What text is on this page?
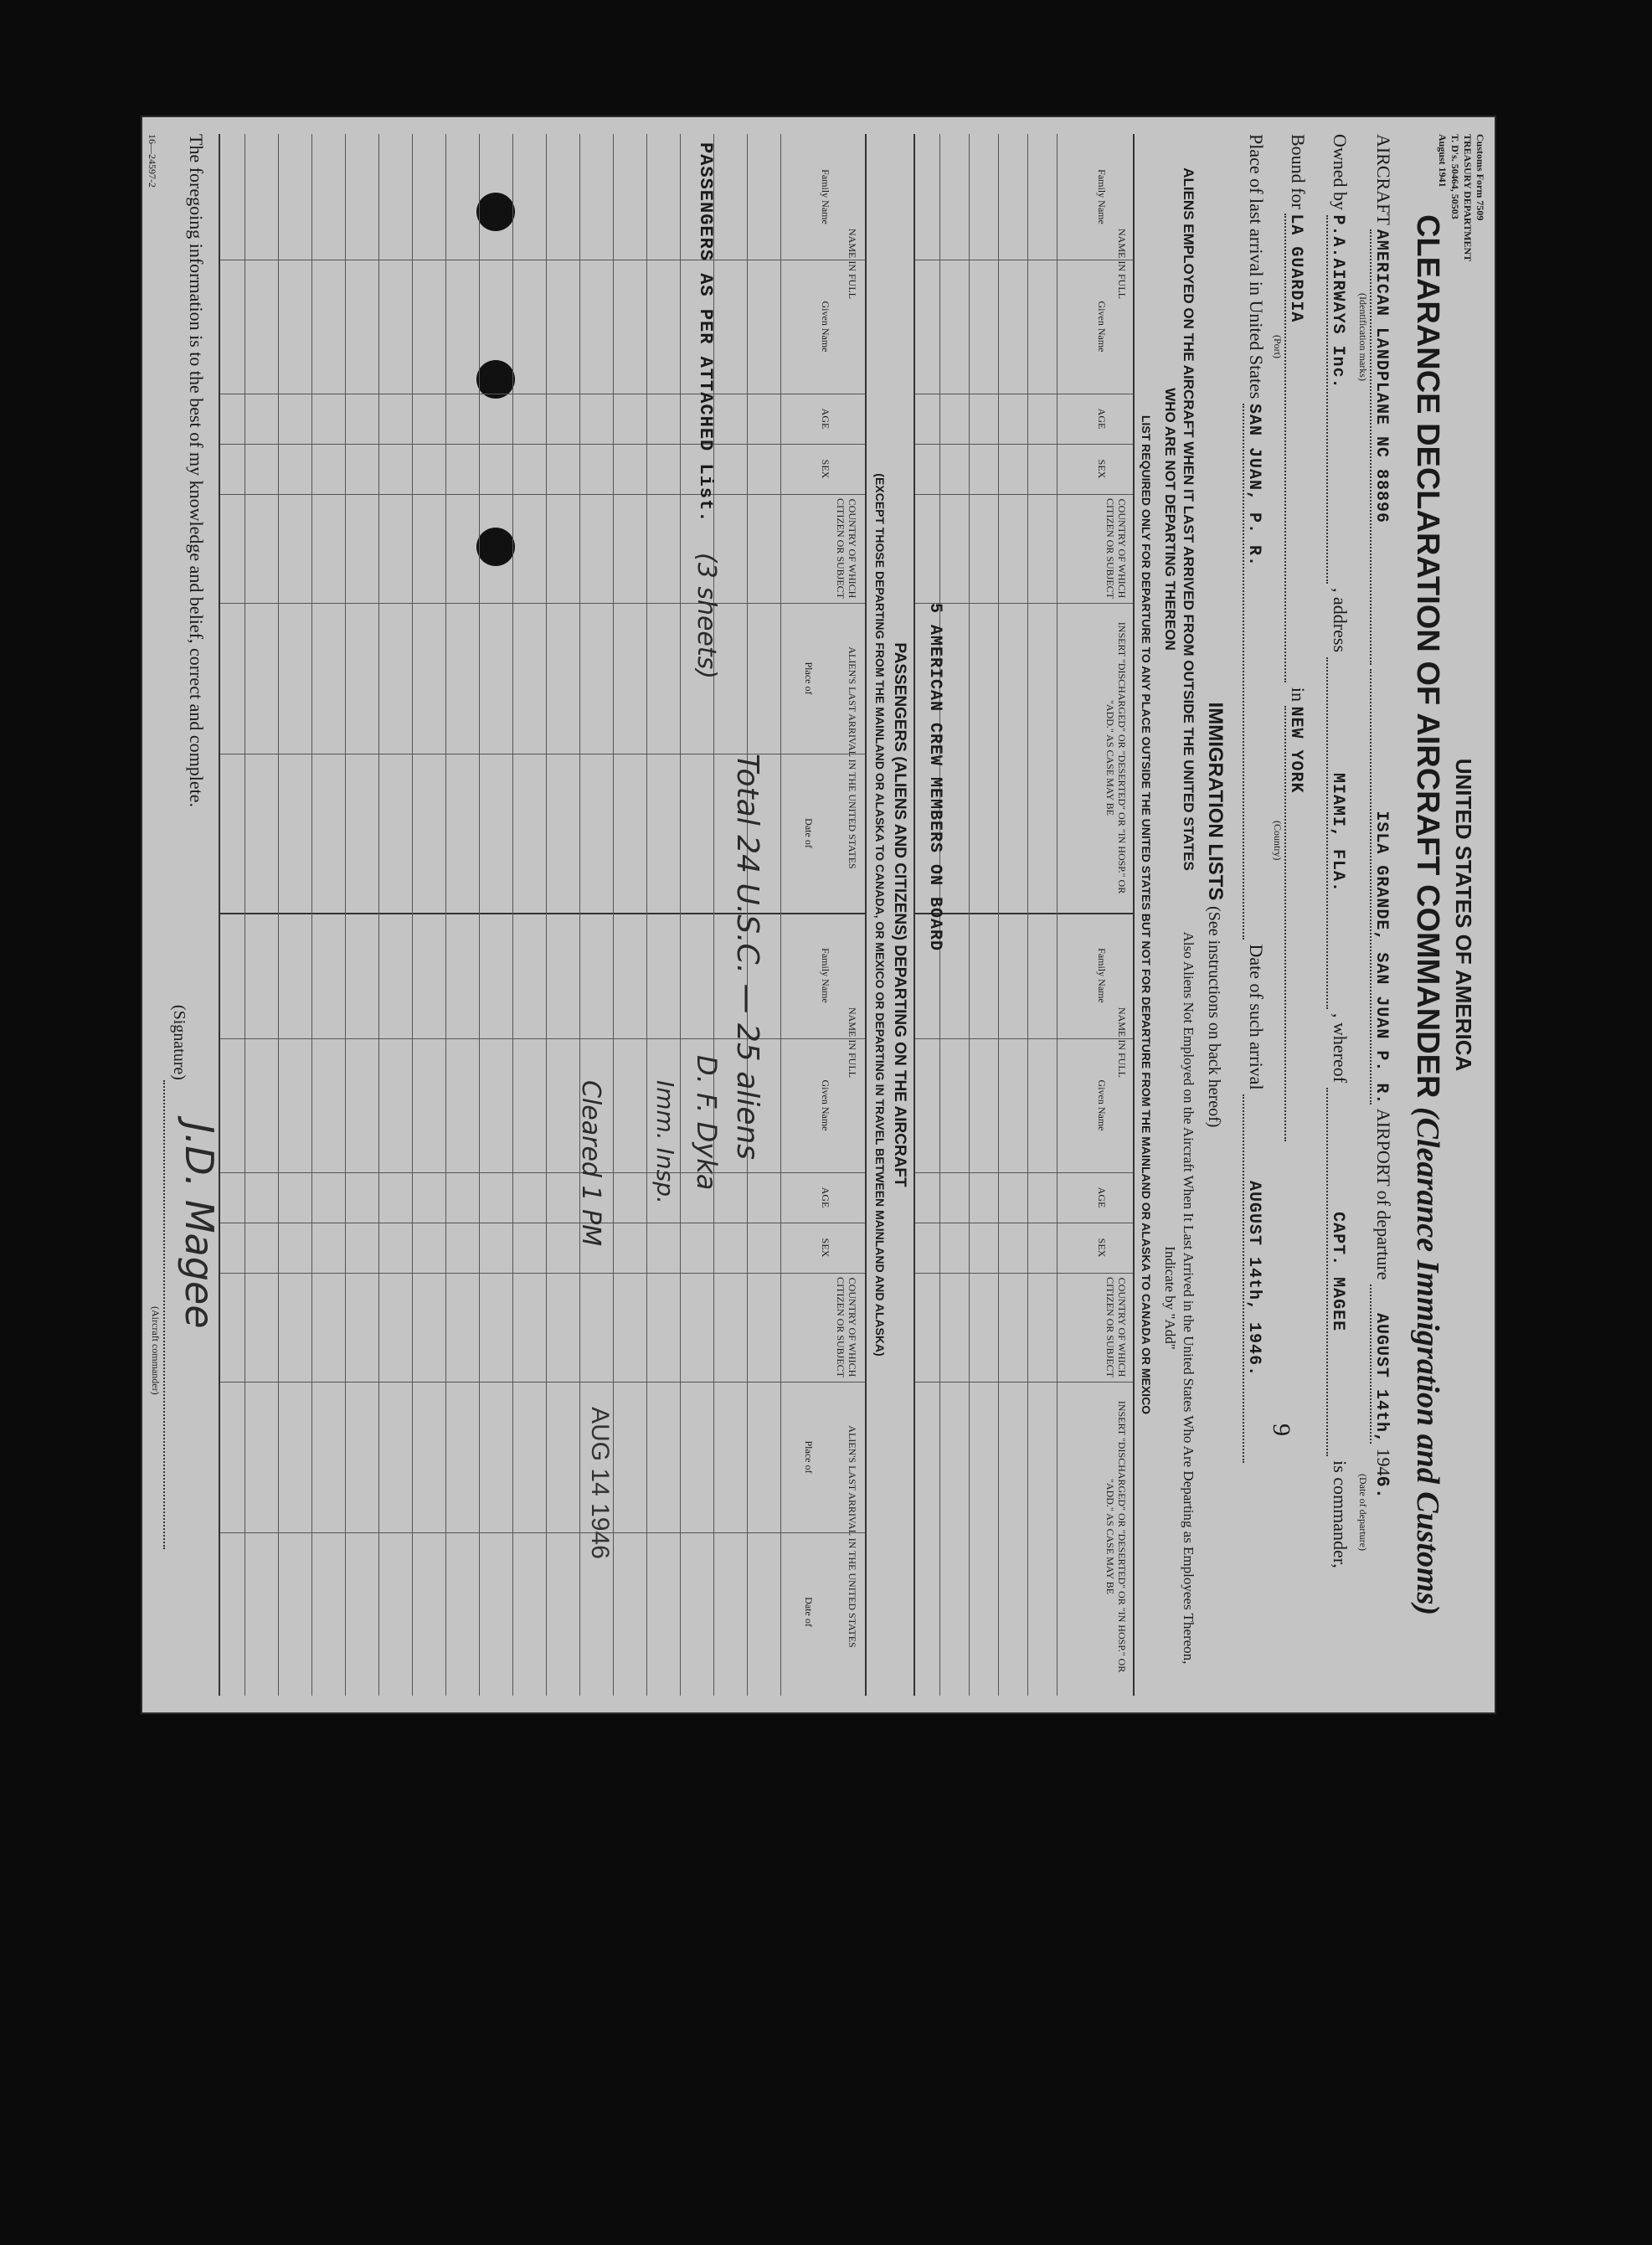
Customs Form 7509
TREASURY DEPARTMENT
T. D's. 50464, 50503
August 1941
UNITED STATES OF AMERICA
CLEARANCE DECLARATION OF AIRCRAFT COMMANDER (Clearance Immigration and Customs)
AIRCRAFT AMERICAN LANDPLANE NC 88896 ISLA GRANDE, SAN JUAN P. R. AIRPORT of departure AUGUST 14th, 1946.
(Identification marks)
(Date of departure)
Owned by P.A.AIRWAYS Inc. , address MIAMI, FLA. , whereof CAPT. MAGEE is commander,
Bound for LA GUARDIA in NEW YORK
(Port)
(Country)
9
Place of last arrival in United States SAN JUAN, P. R. Date of such arrival AUGUST 14th, 1946.
IMMIGRATION LISTS (See instructions on back hereof)
ALIENS EMPLOYED ON THE AIRCRAFT WHEN IT LAST ARRIVED FROM OUTSIDE THE UNITED STATES WHO ARE NOT DEPARTING THEREON
Also Aliens Not Employed on the Aircraft When It Last Arrived in the United States Who Are Departing as Employees Thereon, Indicate by "Add"
LIST REQUIRED ONLY FOR DEPARTURE TO ANY PLACE OUTSIDE THE UNITED STATES BUT NOT FOR DEPARTURE FROM THE MAINLAND OR ALASKA TO CANADA OR MEXICO
NAME IN FULL
Family Name
Given Name
AGE
SEX
COUNTRY OF WHICH CITIZEN OR SUBJECT
INSERT "DISCHARGED" OR "DESERTED" OR "IN HOSP." OR "ADD." AS CASE MAY BE
NAME IN FULL
Family Name
Given Name
AGE
SEX
COUNTRY OF WHICH CITIZEN OR SUBJECT
INSERT "DISCHARGED" OR "DESERTED" OR "IN HOSP." OR "ADD." AS CASE MAY BE
5 AMERICAN CREW MEMBERS ON BOARD
PASSENGERS (ALIENS AND CITIZENS) DEPARTING ON THE AIRCRAFT
(EXCEPT THOSE DEPARTING FROM THE MAINLAND OR ALASKA TO CANADA, OR MEXICO OR DEPARTING IN TRAVEL BETWEEN MAINLAND AND ALASKA)
NAME IN FULL
Family Name
Given Name
AGE
SEX
COUNTRY OF WHICH CITIZEN OR SUBJECT
ALIEN'S LAST ARRIVAL IN THE UNITED STATES
Place of
Date of
NAME IN FULL
Family Name
Given Name
AGE
SEX
COUNTRY OF WHICH CITIZEN OR SUBJECT
ALIEN'S LAST ARRIVAL IN THE UNITED STATES
Place of
Date of
PASSENGERS AS PER ATTACHED List.
(3 sheets)
Total 24 U.S.C. — 25 aliens
D. F. Dyka
Imm. Insp.
Cleared 1 PM
AUG 14 1946
The foregoing information is to the best of my knowledge and belief, correct and complete.
(Signature)
J.D. Magee
(Aircraft commander)
16—24597-2
